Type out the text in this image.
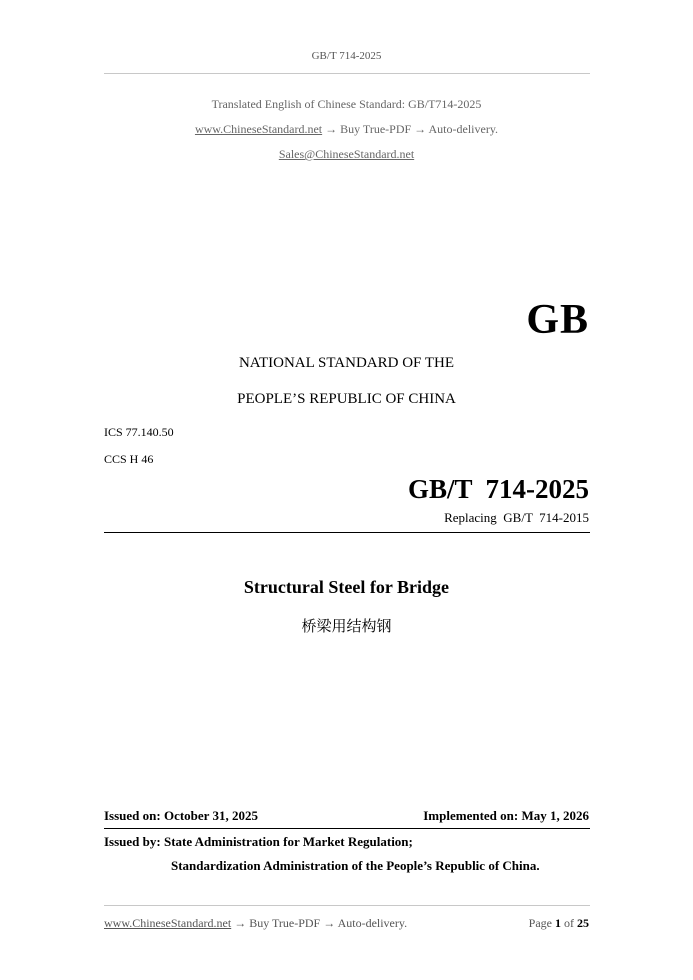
GB/T 714-2025
Translated English of Chinese Standard: GB/T714-2025
www.ChineseStandard.net → Buy True-PDF → Auto-delivery.
Sales@ChineseStandard.net
GB
NATIONAL STANDARD OF THE
PEOPLE’S REPUBLIC OF CHINA
ICS 77.140.50
CCS H 46
GB/T  714-2025
Replacing  GB/T  714-2015
Structural Steel for Bridge
桥梁用结构钢
Issued on: October 31, 2025	Implemented on: May 1, 2026
Issued by: State Administration for Market Regulation;
Standardization Administration of the People’s Republic of China.
www.ChineseStandard.net → Buy True-PDF → Auto-delivery.	Page 1 of 25
